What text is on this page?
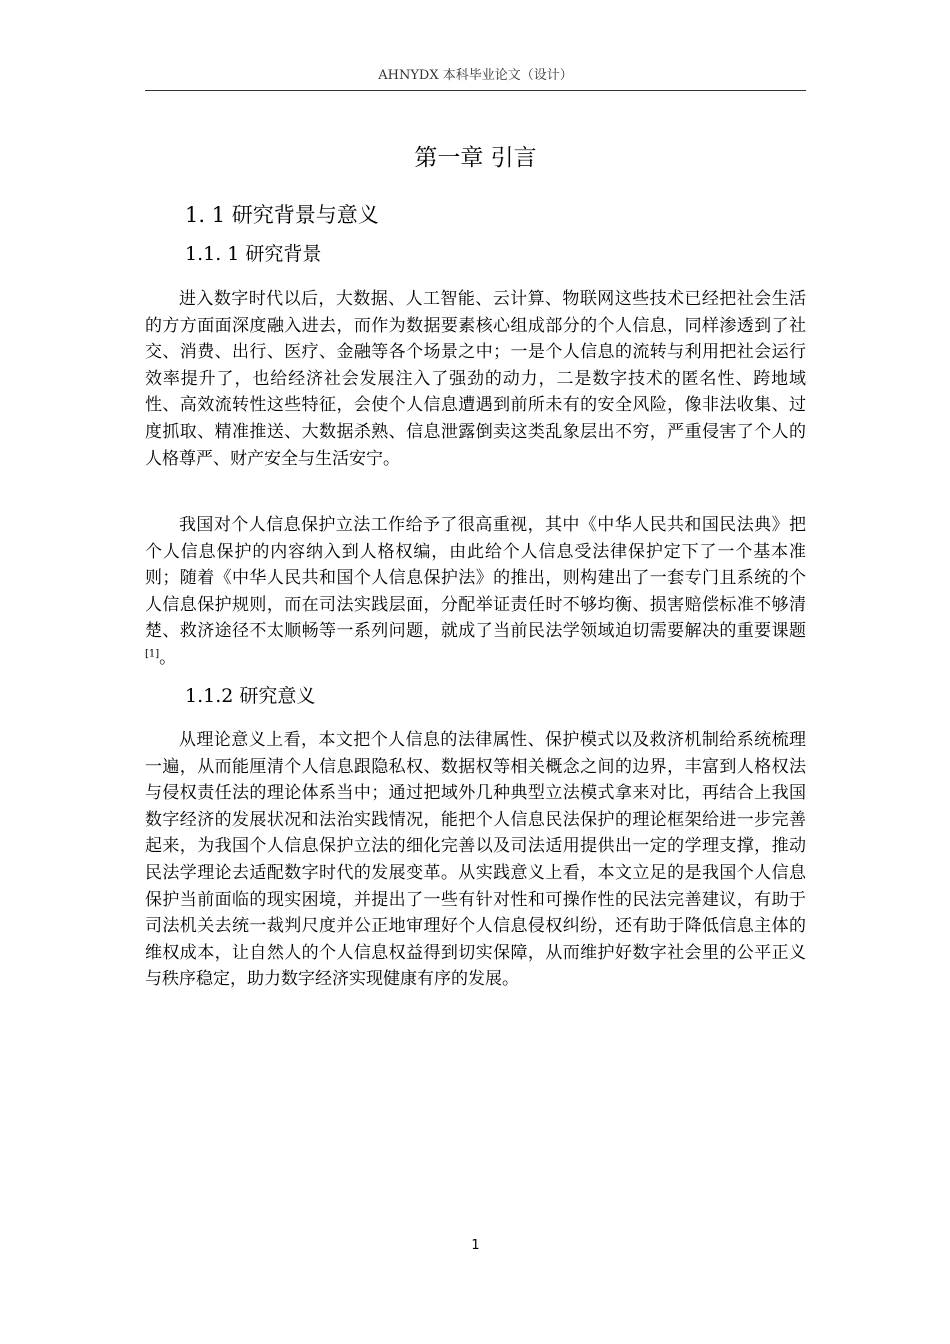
AHNYDX 本科毕业论文（设计）
第一章 引言
1. 1 研究背景与意义
1.1. 1 研究背景

进入数字时代以后，大数据、人工智能、云计算、物联网这些技术已经把社会生活的方方面面深度融入进去，而作为数据要素核心组成部分的个人信息，同样渗透到了社交、消费、出行、医疗、金融等各个场景之中；一是个人信息的流转与利用把社会运行效率提升了，也给经济社会发展注入了强劲的动力，二是数字技术的匿名性、跨地域性、高效流转性这些特征，会使个人信息遭遇到前所未有的安全风险，像非法收集、过度抓取、精准推送、大数据杀熟、信息泄露倒卖这类乱象层出不穷，严重侵害了个人的人格尊严、财产安全与生活安宁。

我国对个人信息保护立法工作给予了很高重视，其中《中华人民共和国民法典》把个人信息保护的内容纳入到人格权编，由此给个人信息受法律保护定下了一个基本准则；随着《中华人民共和国个人信息保护法》的推出，则构建出了一套专门且系统的个人信息保护规则，而在司法实践层面，分配举证责任时不够均衡、损害赔偿标准不够清楚、救济途径不太顺畅等一系列问题，就成了当前民法学领域迫切需要解决的重要课题[1]。

1.1.2 研究意义

从理论意义上看，本文把个人信息的法律属性、保护模式以及救济机制给系统梳理一遍，从而能厘清个人信息跟隐私权、数据权等相关概念之间的边界，丰富到人格权法与侵权责任法的理论体系当中；通过把域外几种典型立法模式拿来对比，再结合上我国数字经济的发展状况和法治实践情况，能把个人信息民法保护的理论框架给进一步完善起来，为我国个人信息保护立法的细化完善以及司法适用提供出一定的学理支撑，推动民法学理论去适配数字时代的发展变革。从实践意义上看，本文立足的是我国个人信息保护当前面临的现实困境，并提出了一些有针对性和可操作性的民法完善建议，有助于司法机关去统一裁判尺度并公正地审理好个人信息侵权纠纷，还有助于降低信息主体的维权成本，让自然人的个人信息权益得到切实保障，从而维护好数字社会里的公平正义与秩序稳定，助力数字经济实现健康有序的发展。

1
